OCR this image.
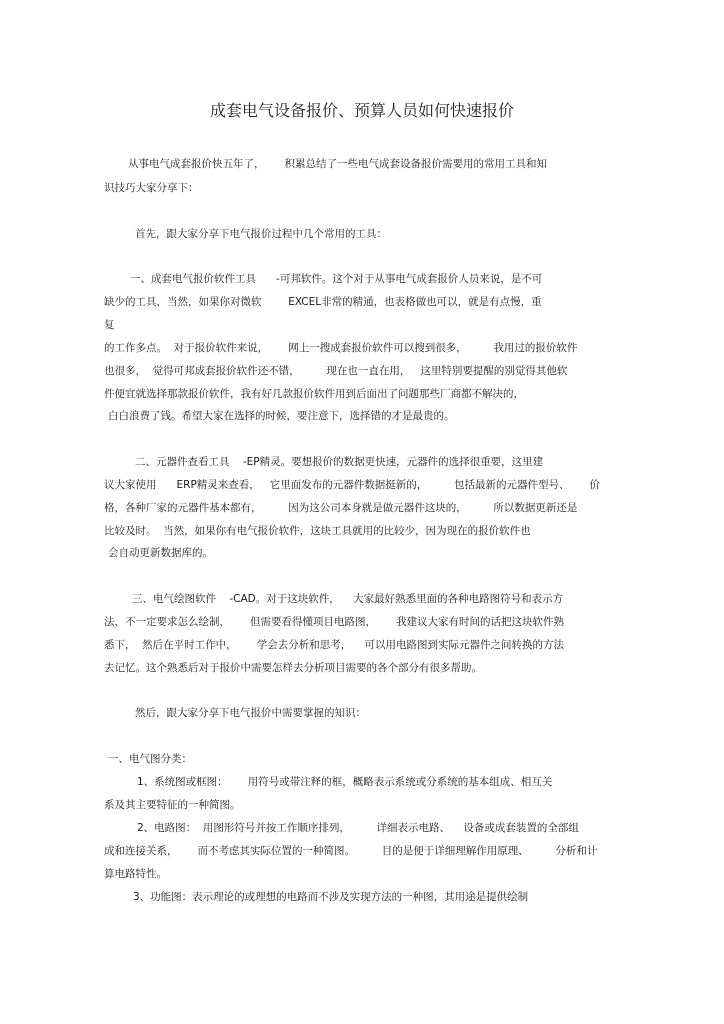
成套电气设备报价、预算人员如何快速报价
从事电气成套报价快五年了，      积累总结了一些电气成套设备报价需要用的常用工具和知
识技巧大家分享下：
首先，跟大家分享下电气报价过程中几个常用的工具：
一、成套电气报价软件工具      -可邦软件。这个对于从事电气成套报价人员来说，是不可
缺少的工具，当然，如果你对微软        EXCEL非常的精通，也表格做也可以，就是有点慢，重
复
的工作多点。  对于报价软件来说，      网上一搜成套报价软件可以搜到很多，        我用过的报价软件
也很多，  觉得可邦成套报价软件还不错，        现在也一直在用，   这里特别要提醒的别觉得其他软
件便宜就选择那款报价软件，我有好几款报价软件用到后面出了问题那些厂商都不解决的，
白白浪费了钱。希望大家在选择的时候，要注意下，选择错的才是最贵的。
二、元器件查看工具    -EP精灵。要想报价的数据更快速，元器件的选择很重要，这里建
议大家使用      ERP精灵来查看，   它里面发布的元器件数据挺新的，        包括最新的元器件型号、      价
格，各种厂家的元器件基本都有，        因为这公司本身就是做元器件这块的，        所以数据更新还是
比较及时。  当然，如果你有电气报价软件，这块工具就用的比较少，因为现在的报价软件也
会自动更新数据库的。
三、电气绘图软件    -CAD。对于这块软件，    大家最好熟悉里面的各种电路图符号和表示方
法，不一定要求怎么绘制，      但需要看得懂项目电路图，      我建议大家有时间的话把这块软件熟
悉下，  然后在平时工作中，      学会去分析和思考，    可以用电路图到实际元器件之间转换的方法
去记忆。这个熟悉后对于报价中需要怎样去分析项目需要的各个部分有很多帮助。
然后，跟大家分享下电气报价中需要掌握的知识：
一、电气图分类：
1、系统图或框图：      用符号或带注释的框，概略表示系统或分系统的基本组成、相互关
系及其主要特征的一种简图。
2、电路图：  用图形符号并按工作顺序排列，        详细表示电路、    设备或成套装置的全部组
成和连接关系，      而不考虑其实际位置的一种简图。        目的是便于详细理解作用原理、        分析和计
算电路特性。
3、功能图：表示理论的或理想的电路而不涉及实现方法的一种图，其用途是提供绘制
